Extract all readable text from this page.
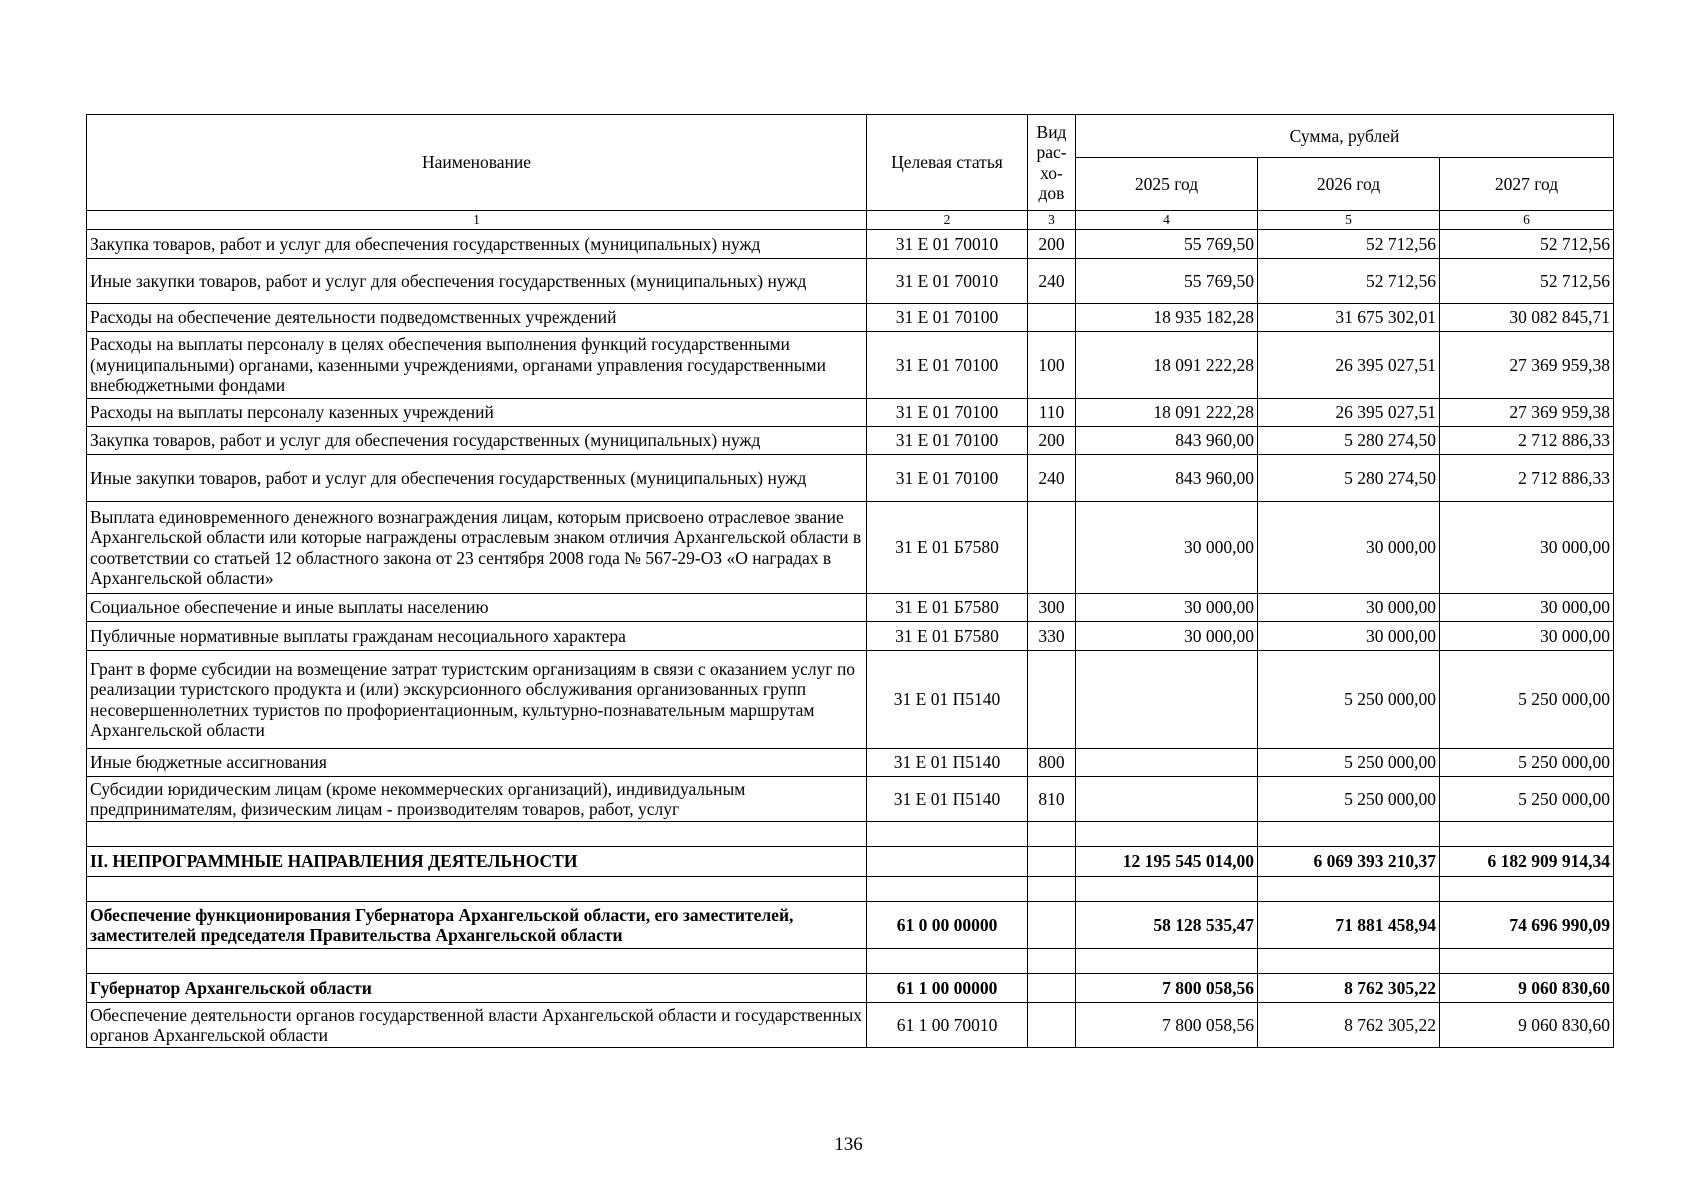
Наименование	Целевая статья	Вид рас-хо-дов	Сумма, рублей		
			2025 год	2026 год	2027 год
1	2	3	4	5	6
Закупка товаров, работ и услуг для обеспечения государственных (муниципальных) нужд	31 Е 01 70010	200	55 769,50	52 712,56	52 712,56
Иные закупки товаров, работ и услуг для обеспечения государственных (муниципальных) нужд	31 Е 01 70010	240	55 769,50	52 712,56	52 712,56
Расходы на обеспечение деятельности подведомственных учреждений	31 Е 01 70100		18 935 182,28	31 675 302,01	30 082 845,71
Расходы на выплаты персоналу в целях обеспечения выполнения функций государственными (муниципальными) органами, казенными учреждениями, органами управления государственными внебюджетными фондами	31 Е 01 70100	100	18 091 222,28	26 395 027,51	27 369 959,38
Расходы на выплаты персоналу казенных учреждений	31 Е 01 70100	110	18 091 222,28	26 395 027,51	27 369 959,38
Закупка товаров, работ и услуг для обеспечения государственных (муниципальных) нужд	31 Е 01 70100	200	843 960,00	5 280 274,50	2 712 886,33
Иные закупки товаров, работ и услуг для обеспечения государственных (муниципальных) нужд	31 Е 01 70100	240	843 960,00	5 280 274,50	2 712 886,33
Выплата единовременного денежного вознаграждения лицам, которым присвоено отраслевое звание Архангельской области или которые награждены отраслевым знаком отличия Архангельской области в соответствии со статьей 12 областного закона от 23 сентября 2008 года № 567-29-ОЗ «О наградах в Архангельской области»	31 Е 01 Б7580		30 000,00	30 000,00	30 000,00
Социальное обеспечение и иные выплаты населению	31 Е 01 Б7580	300	30 000,00	30 000,00	30 000,00
Публичные нормативные выплаты гражданам несоциального характера	31 Е 01 Б7580	330	30 000,00	30 000,00	30 000,00
Грант в форме субсидии на возмещение затрат туристским организациям в связи с оказанием услуг по реализации туристского продукта и (или) экскурсионного обслуживания организованных групп несовершеннолетних туристов по профориентационным, культурно-познавательным маршрутам Архангельской области	31 Е 01 П5140			5 250 000,00	5 250 000,00
Иные бюджетные ассигнования	31 Е 01 П5140	800		5 250 000,00	5 250 000,00
Субсидии юридическим лицам (кроме некоммерческих организаций), индивидуальным предпринимателям, физическим лицам - производителям товаров, работ, услуг	31 Е 01 П5140	810		5 250 000,00	5 250 000,00

II. НЕПРОГРАММНЫЕ НАПРАВЛЕНИЯ ДЕЯТЕЛЬНОСТИ			12 195 545 014,00	6 069 393 210,37	6 182 909 914,34

Обеспечение функционирования Губернатора Архангельской области, его заместителей, заместителей председателя Правительства Архангельской области	61 0 00 00000		58 128 535,47	71 881 458,94	74 696 990,09

Губернатор Архангельской области	61 1 00 00000		7 800 058,56	8 762 305,22	9 060 830,60
Обеспечение деятельности органов государственной власти Архангельской области и государственных органов Архангельской области	61 1 00 70010		7 800 058,56	8 762 305,22	9 060 830,60
136
